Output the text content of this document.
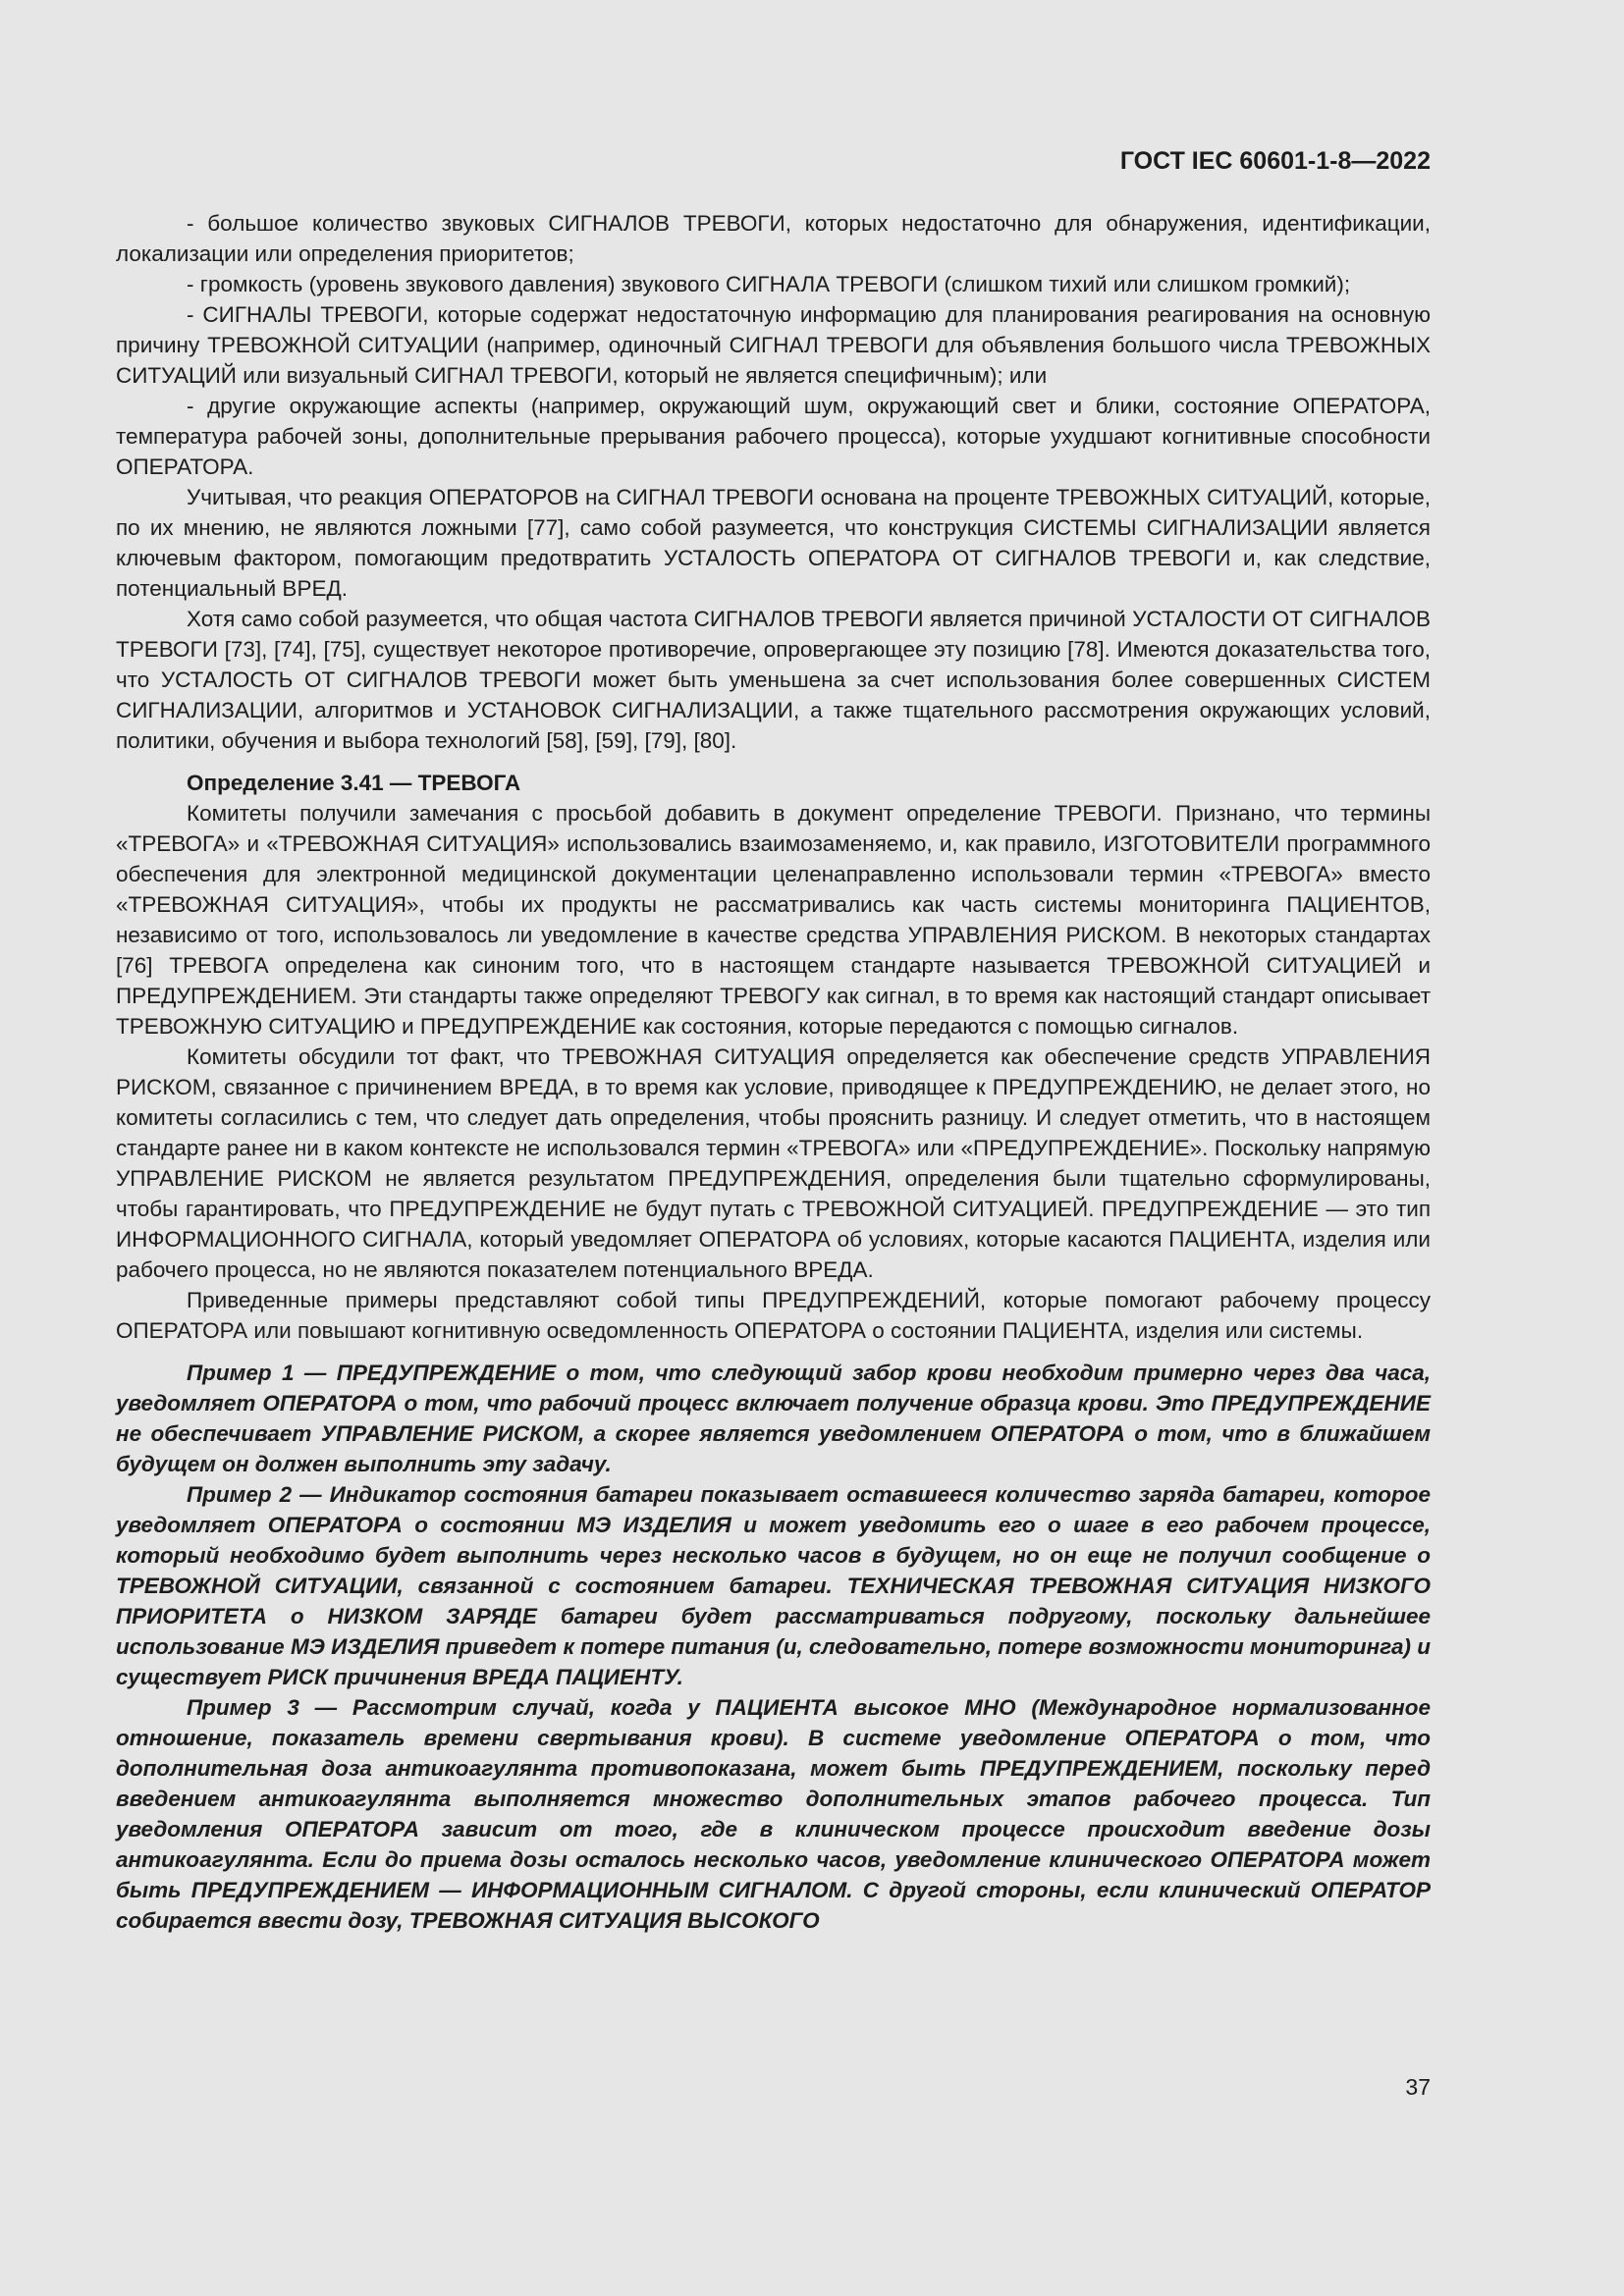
ГОСТ IEC 60601-1-8—2022

- большое количество звуковых СИГНАЛОВ ТРЕВОГИ, которых недостаточно для обнаружения, идентификации, локализации или определения приоритетов;

- громкость (уровень звукового давления) звукового СИГНАЛА ТРЕВОГИ (слишком тихий или слишком громкий);

- СИГНАЛЫ ТРЕВОГИ, которые содержат недостаточную информацию для планирования реагирования на основную причину ТРЕВОЖНОЙ СИТУАЦИИ (например, одиночный СИГНАЛ ТРЕВОГИ для объявления большого числа ТРЕВОЖНЫХ СИТУАЦИЙ или визуальный СИГНАЛ ТРЕВОГИ, который не является специфичным); или

- другие окружающие аспекты (например, окружающий шум, окружающий свет и блики, состояние ОПЕРАТОРА, температура рабочей зоны, дополнительные прерывания рабочего процесса), которые ухудшают когнитивные способности ОПЕРАТОРА.

Учитывая, что реакция ОПЕРАТОРОВ на СИГНАЛ ТРЕВОГИ основана на проценте ТРЕВОЖНЫХ СИТУАЦИЙ, которые, по их мнению, не являются ложными [77], само собой разумеется, что конструкция СИСТЕМЫ СИГНАЛИЗАЦИИ является ключевым фактором, помогающим предотвратить УСТАЛОСТЬ ОПЕРАТОРА ОТ СИГНАЛОВ ТРЕВОГИ и, как следствие, потенциальный ВРЕД.

Хотя само собой разумеется, что общая частота СИГНАЛОВ ТРЕВОГИ является причиной УСТАЛОСТИ ОТ СИГНАЛОВ ТРЕВОГИ [73], [74], [75], существует некоторое противоречие, опровергающее эту позицию [78]. Имеются доказательства того, что УСТАЛОСТЬ ОТ СИГНАЛОВ ТРЕВОГИ может быть уменьшена за счет использования более совершенных СИСТЕМ СИГНАЛИЗАЦИИ, алгоритмов и УСТАНОВОК СИГНАЛИЗАЦИИ, а также тщательного рассмотрения окружающих условий, политики, обучения и выбора технологий [58], [59], [79], [80].

Определение 3.41 — ТРЕВОГА

Комитеты получили замечания с просьбой добавить в документ определение ТРЕВОГИ. Признано, что термины «ТРЕВОГА» и «ТРЕВОЖНАЯ СИТУАЦИЯ» использовались взаимозаменяемо, и, как правило, ИЗГОТОВИТЕЛИ программного обеспечения для электронной медицинской документации целенаправленно использовали термин «ТРЕВОГА» вместо «ТРЕВОЖНАЯ СИТУАЦИЯ», чтобы их продукты не рассматривались как часть системы мониторинга ПАЦИЕНТОВ, независимо от того, использовалось ли уведомление в качестве средства УПРАВЛЕНИЯ РИСКОМ. В некоторых стандартах [76] ТРЕВОГА определена как синоним того, что в настоящем стандарте называется ТРЕВОЖНОЙ СИТУАЦИЕЙ и ПРЕДУПРЕЖДЕНИЕМ. Эти стандарты также определяют ТРЕВОГУ как сигнал, в то время как настоящий стандарт описывает ТРЕВОЖНУЮ СИТУАЦИЮ и ПРЕДУПРЕЖДЕНИЕ как состояния, которые передаются с помощью сигналов.

Комитеты обсудили тот факт, что ТРЕВОЖНАЯ СИТУАЦИЯ определяется как обеспечение средств УПРАВЛЕНИЯ РИСКОМ, связанное с причинением ВРЕДА, в то время как условие, приводящее к ПРЕДУПРЕЖДЕНИЮ, не делает этого, но комитеты согласились с тем, что следует дать определения, чтобы прояснить разницу. И следует отметить, что в настоящем стандарте ранее ни в каком контексте не использовался термин «ТРЕВОГА» или «ПРЕДУПРЕЖДЕНИЕ». Поскольку напрямую УПРАВЛЕНИЕ РИСКОМ не является результатом ПРЕДУПРЕЖДЕНИЯ, определения были тщательно сформулированы, чтобы гарантировать, что ПРЕДУПРЕЖДЕНИЕ не будут путать с ТРЕВОЖНОЙ СИТУАЦИЕЙ. ПРЕДУПРЕЖДЕНИЕ — это тип ИНФОРМАЦИОННОГО СИГНАЛА, который уведомляет ОПЕРАТОРА об условиях, которые касаются ПАЦИЕНТА, изделия или рабочего процесса, но не являются показателем потенциального ВРЕДА.

Приведенные примеры представляют собой типы ПРЕДУПРЕЖДЕНИЙ, которые помогают рабочему процессу ОПЕРАТОРА или повышают когнитивную осведомленность ОПЕРАТОРА о состоянии ПАЦИЕНТА, изделия или системы.

Пример 1 — ПРЕДУПРЕЖДЕНИЕ о том, что следующий забор крови необходим примерно через два часа, уведомляет ОПЕРАТОРА о том, что рабочий процесс включает получение образца крови. Это ПРЕДУПРЕЖДЕНИЕ не обеспечивает УПРАВЛЕНИЕ РИСКОМ, а скорее является уведомлением ОПЕРАТОРА о том, что в ближайшем будущем он должен выполнить эту задачу.

Пример 2 — Индикатор состояния батареи показывает оставшееся количество заряда батареи, которое уведомляет ОПЕРАТОРА о состоянии МЭ ИЗДЕЛИЯ и может уведомить его о шаге в его рабочем процессе, который необходимо будет выполнить через несколько часов в будущем, но он еще не получил сообщение о ТРЕВОЖНОЙ СИТУАЦИИ, связанной с состоянием батареи. ТЕХНИЧЕСКАЯ ТРЕВОЖНАЯ СИТУАЦИЯ НИЗКОГО ПРИОРИТЕТА о НИЗКОМ ЗАРЯДЕ батареи будет рассматриваться подругому, поскольку дальнейшее использование МЭ ИЗДЕЛИЯ приведет к потере питания (и, следовательно, потере возможности мониторинга) и существует РИСК причинения ВРЕДА ПАЦИЕНТУ.

Пример 3 — Рассмотрим случай, когда у ПАЦИЕНТА высокое МНО (Международное нормализованное отношение, показатель времени свертывания крови). В системе уведомление ОПЕРАТОРА о том, что дополнительная доза антикоагулянта противопоказана, может быть ПРЕДУПРЕЖДЕНИЕМ, поскольку перед введением антикоагулянта выполняется множество дополнительных этапов рабочего процесса. Тип уведомления ОПЕРАТОРА зависит от того, где в клиническом процессе происходит введение дозы антикоагулянта. Если до приема дозы осталось несколько часов, уведомление клинического ОПЕРАТОРА может быть ПРЕДУПРЕЖДЕНИЕМ — ИНФОРМАЦИОННЫМ СИГНАЛОМ. С другой стороны, если клинический ОПЕРАТОР собирается ввести дозу, ТРЕВОЖНАЯ СИТУАЦИЯ ВЫСОКОГО

37
